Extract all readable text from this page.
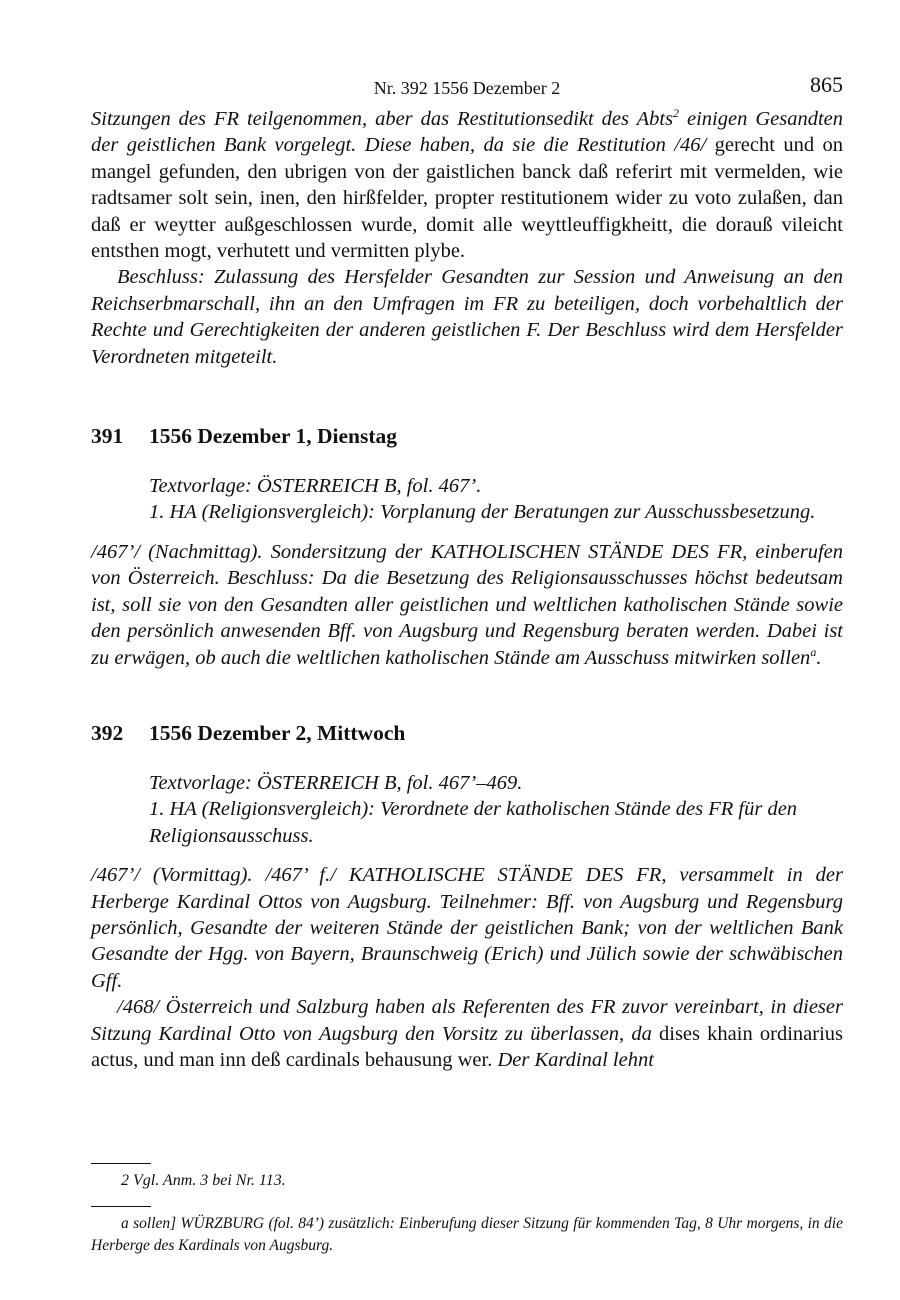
Nr. 392 1556 Dezember 2	865

Sitzungen des FR teilgenommen, aber das Restitutionsedikt des Abts$^2$ einigen Gesandten der geistlichen Bank vorgelegt. Diese haben, da sie die Restitution /46/ gerecht und on mangel gefunden, den ubrigen von der gaistlichen banck daß referirt mit vermelden, wie radtsamer solt sein, inen, den hirßfelder, propter restitutionem wider zu voto zulaßen, dan daß er weytter außgeschlossen wurde, domit alle weyttleuffigkheitt, die dorauß vileicht entsthen mogt, verhutett und vermitten plybe.

Beschluss: Zulassung des Hersfelder Gesandten zur Session und Anweisung an den Reichserbmarschall, ihn an den Umfragen im FR zu beteiligen, doch vorbehaltlich der Rechte und Gerechtigkeiten der anderen geistlichen F. Der Beschluss wird dem Hersfelder Verordneten mitgeteilt.

391 1556 Dezember 1, Dienstag
Textvorlage: ÖSTERREICH B, fol. 467’.
1. HA (Religionsvergleich): Vorplanung der Beratungen zur Ausschussbesetzung.

/467’/ (Nachmittag). Sondersitzung der KATHOLISCHEN STÄNDE DES FR, einberufen von Österreich. Beschluss: Da die Besetzung des Religionsausschusses höchst bedeutsam ist, soll sie von den Gesandten aller geistlichen und weltlichen katholischen Stände sowie den persönlich anwesenden Bff. von Augsburg und Regensburg beraten werden. Dabei ist zu erwägen, ob auch die weltlichen katholischen Stände am Ausschuss mitwirken sollen$^a$.

392 1556 Dezember 2, Mittwoch
Textvorlage: ÖSTERREICH B, fol. 467’–469.
1. HA (Religionsvergleich): Verordnete der katholischen Stände des FR für den Religionsausschuss.

/467’/ (Vormittag). /467’ f./ KATHOLISCHE STÄNDE DES FR, versammelt in der Herberge Kardinal Ottos von Augsburg. Teilnehmer: Bff. von Augsburg und Regensburg persönlich, Gesandte der weiteren Stände der geistlichen Bank; von der weltlichen Bank Gesandte der Hgg. von Bayern, Braunschweig (Erich) und Jülich sowie der schwäbischen Gff.

/468/ Österreich und Salzburg haben als Referenten des FR zuvor vereinbart, in dieser Sitzung Kardinal Otto von Augsburg den Vorsitz zu überlassen, da dises khain ordinarius actus, und man inn deß cardinals behausung wer. Der Kardinal lehnt

2 Vgl. Anm. 3 bei Nr. 113.
a sollen] WÜRZBURG (fol. 84’) zusätzlich: Einberufung dieser Sitzung für kommenden Tag, 8 Uhr morgens, in die Herberge des Kardinals von Augsburg.
